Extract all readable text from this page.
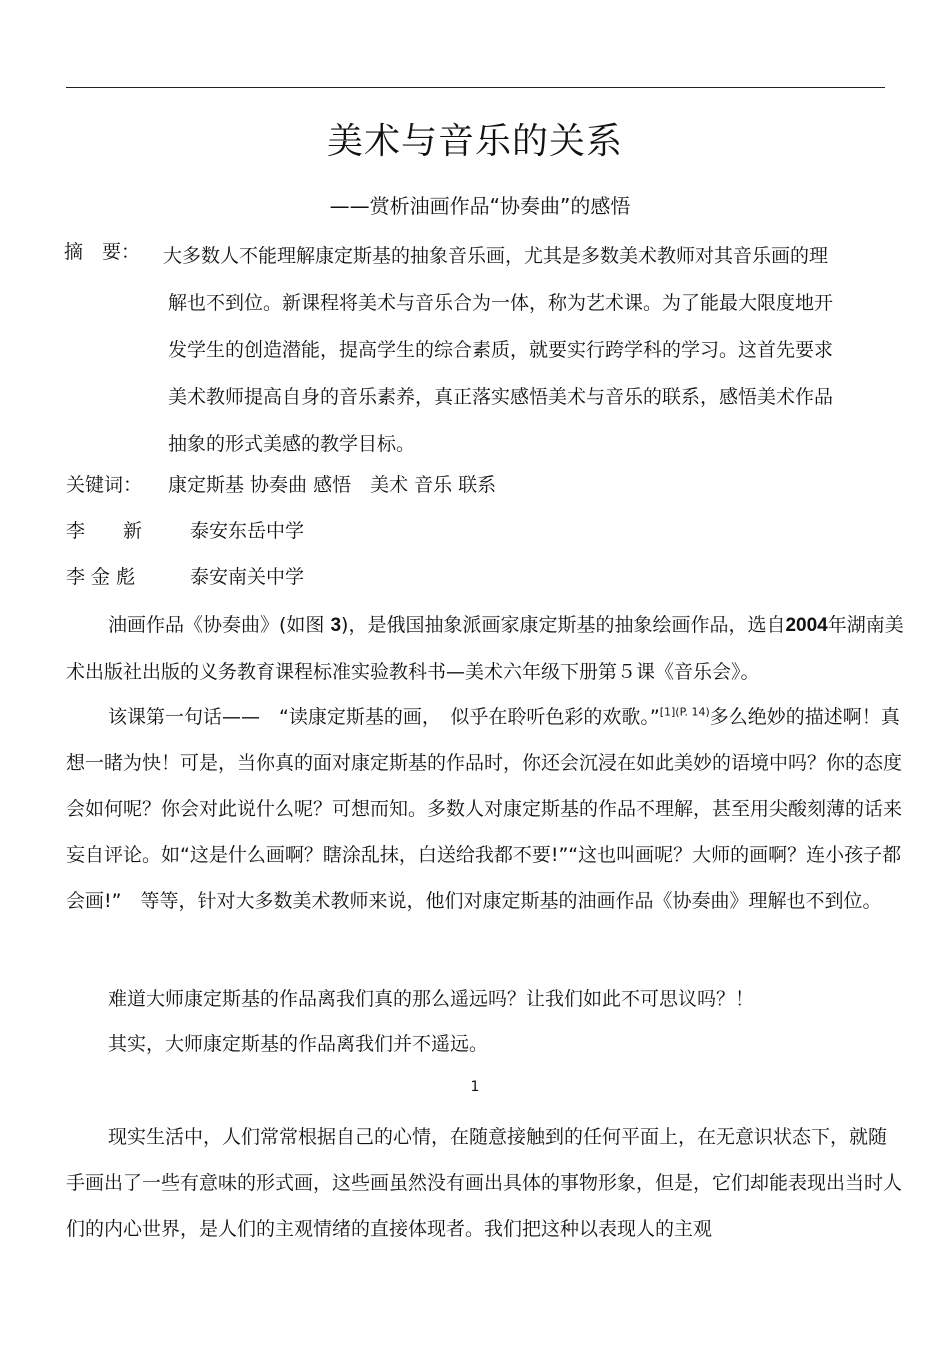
美术与音乐的关系
——赏析油画作品“协奏曲”的感悟
摘　要： 大多数人不能理解康定斯基的抽象音乐画，尤其是多数美术教师对其音乐画的理
解也不到位。新课程将美术与音乐合为一体，称为艺术课。为了能最大限度地开
发学生的创造潜能，提高学生的综合素质，就要实行跨学科的学习。这首先要求
美术教师提高自身的音乐素养，真正落实感悟美术与音乐的联系，感悟美术作品
抽象的形式美感的教学目标。
关键词： 康定斯基 协奏曲 感悟　美术 音乐 联系
李　　新	泰安东岳中学
李 金 彪	泰安南关中学
油画作品《协奏曲》(如图 3)，是俄国抽象派画家康定斯基的抽象绘画作品，选自2004年湖南美术出版社出版的义务教育课程标准实验教科书—美术六年级下册第５课《音乐会》。
该课第一句话——　“读康定斯基的画，　似乎在聆听色彩的欢歌。”$^{[1](P. 14)}$多么绝妙的描述啊！真想一睹为快！可是，当你真的面对康定斯基的作品时，你还会沉浸在如此美妙的语境中吗？你的态度会如何呢？你会对此说什么呢？可想而知。多数人对康定斯基的作品不理解，甚至用尖酸刻薄的话来妄自评论。如“这是什么画啊？瞎涂乱抹，白送给我都不要!”“这也叫画呢？大师的画啊？连小孩子都会画!”　等等，针对大多数美术教师来说，他们对康定斯基的油画作品《协奏曲》理解也不到位。
难道大师康定斯基的作品离我们真的那么遥远吗？让我们如此不可思议吗？！
其实，大师康定斯基的作品离我们并不遥远。
1
现实生活中，人们常常根据自己的心情，在随意接触到的任何平面上，在无意识状态下，就随手画出了一些有意味的形式画，这些画虽然没有画出具体的事物形象，但是，它们却能表现出当时人们的内心世界，是人们的主观情绪的直接体现者。我们把这种以表现人的主观
